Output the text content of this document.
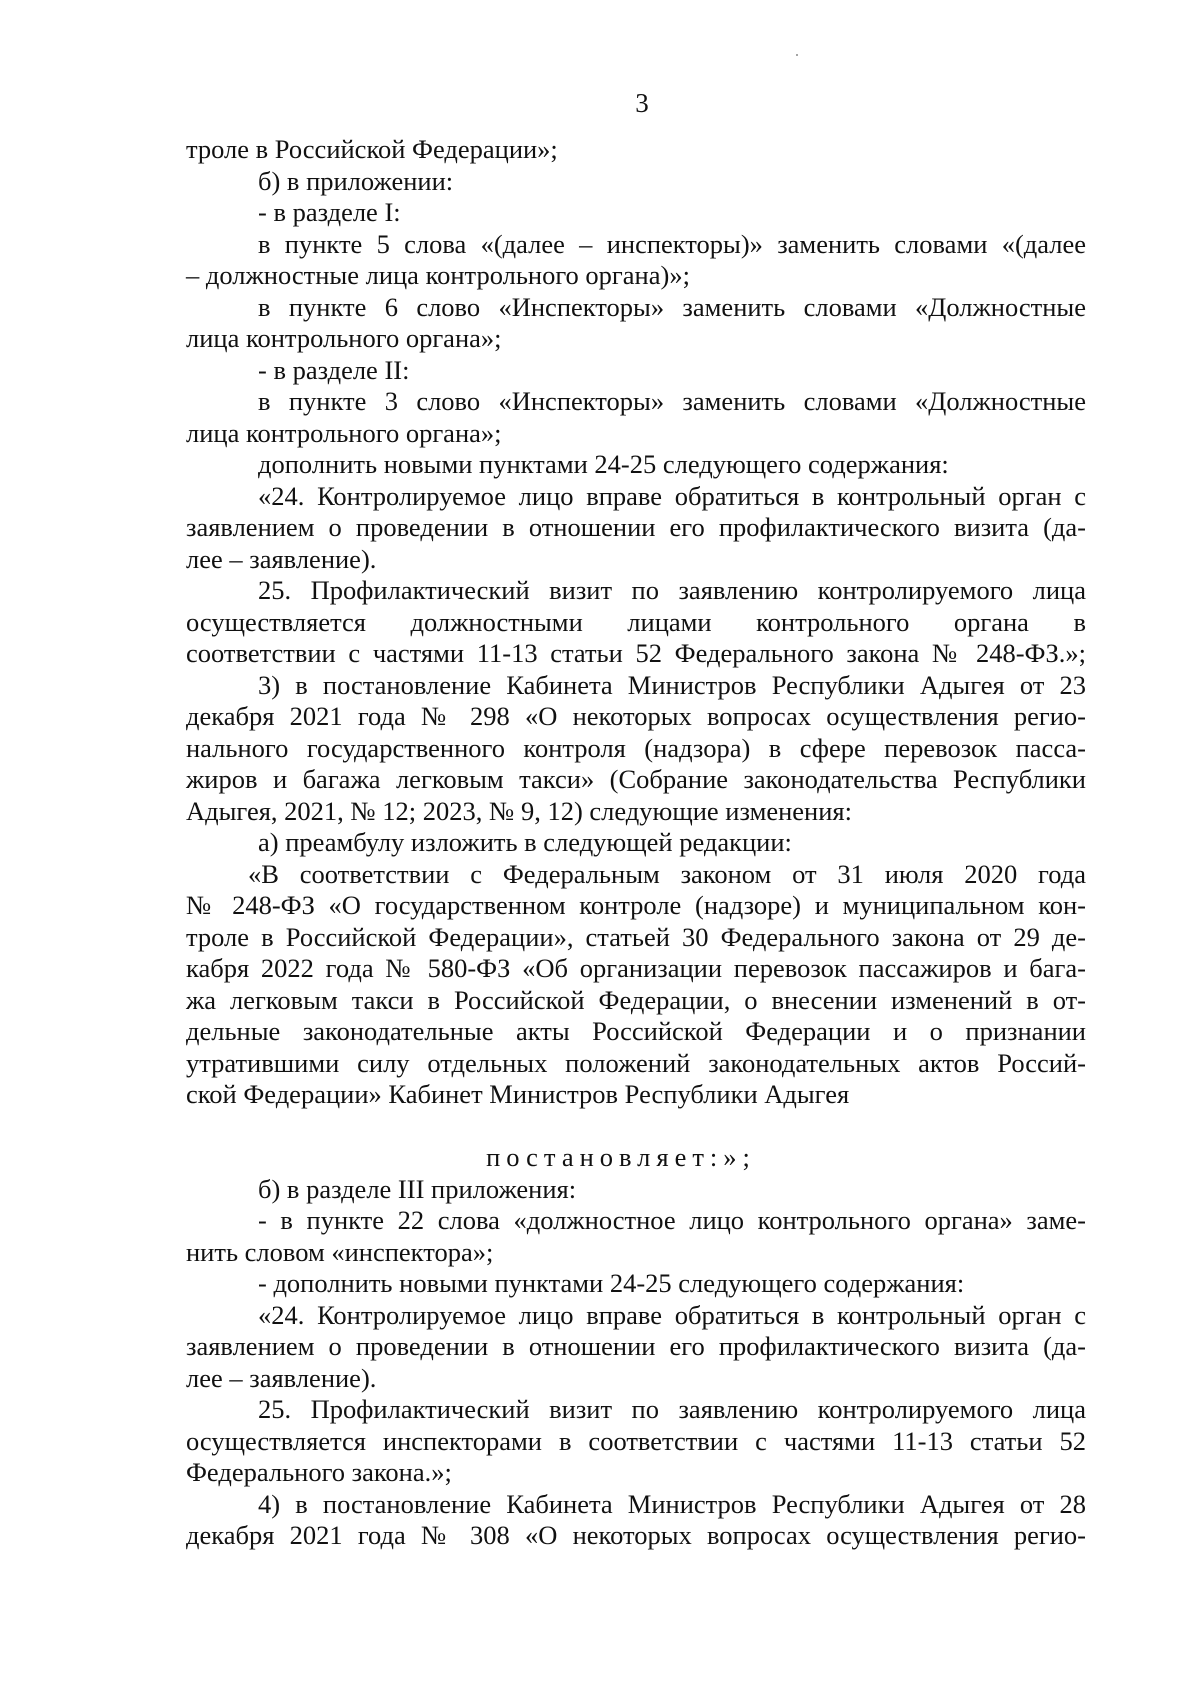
3
троле в Российской Федерации»;
б) в приложении:
- в разделе I:
в пункте 5 слова «(далее – инспекторы)» заменить словами «(далее
– должностные лица контрольного органа)»;
в пункте 6 слово «Инспекторы» заменить словами «Должностные
лица контрольного органа»;
- в разделе II:
в пункте 3 слово «Инспекторы» заменить словами «Должностные
лица контрольного органа»;
дополнить новыми пунктами 24-25 следующего содержания:
«24. Контролируемое лицо вправе обратиться в контрольный орган с
заявлением о проведении в отношении его профилактического визита (да-
лее – заявление).
25. Профилактический визит по заявлению контролируемого лица
осуществляется должностными лицами контрольного органа в
соответствии с частями 11-13 статьи 52 Федерального закона № 248-ФЗ.»;
3) в постановление Кабинета Министров Республики Адыгея от 23
декабря 2021 года № 298 «О некоторых вопросах осуществления регио-
нального государственного контроля (надзора) в сфере перевозок пасса-
жиров и багажа легковым такси» (Собрание законодательства Республики
Адыгея, 2021, № 12; 2023, № 9, 12) следующие изменения:
а) преамбулу изложить в следующей редакции:
«В соответствии с Федеральным законом от 31 июля 2020 года
№ 248-ФЗ «О государственном контроле (надзоре) и муниципальном кон-
троле в Российской Федерации», статьей 30 Федерального закона от 29 де-
кабря 2022 года № 580-ФЗ «Об организации перевозок пассажиров и бага-
жа легковым такси в Российской Федерации, о внесении изменений в от-
дельные законодательные акты Российской Федерации и о признании
утратившими силу отдельных положений законодательных актов Россий-
ской Федерации» Кабинет Министров Республики Адыгея
постановляет:»;
б) в разделе III приложения:
- в пункте 22 слова «должностное лицо контрольного органа» заме-
нить словом «инспектора»;
- дополнить новыми пунктами 24-25 следующего содержания:
«24. Контролируемое лицо вправе обратиться в контрольный орган с
заявлением о проведении в отношении его профилактического визита (да-
лее – заявление).
25. Профилактический визит по заявлению контролируемого лица
осуществляется инспекторами в соответствии с частями 11-13 статьи 52
Федерального закона.»;
4) в постановление Кабинета Министров Республики Адыгея от 28
декабря 2021 года № 308 «О некоторых вопросах осуществления регио-
